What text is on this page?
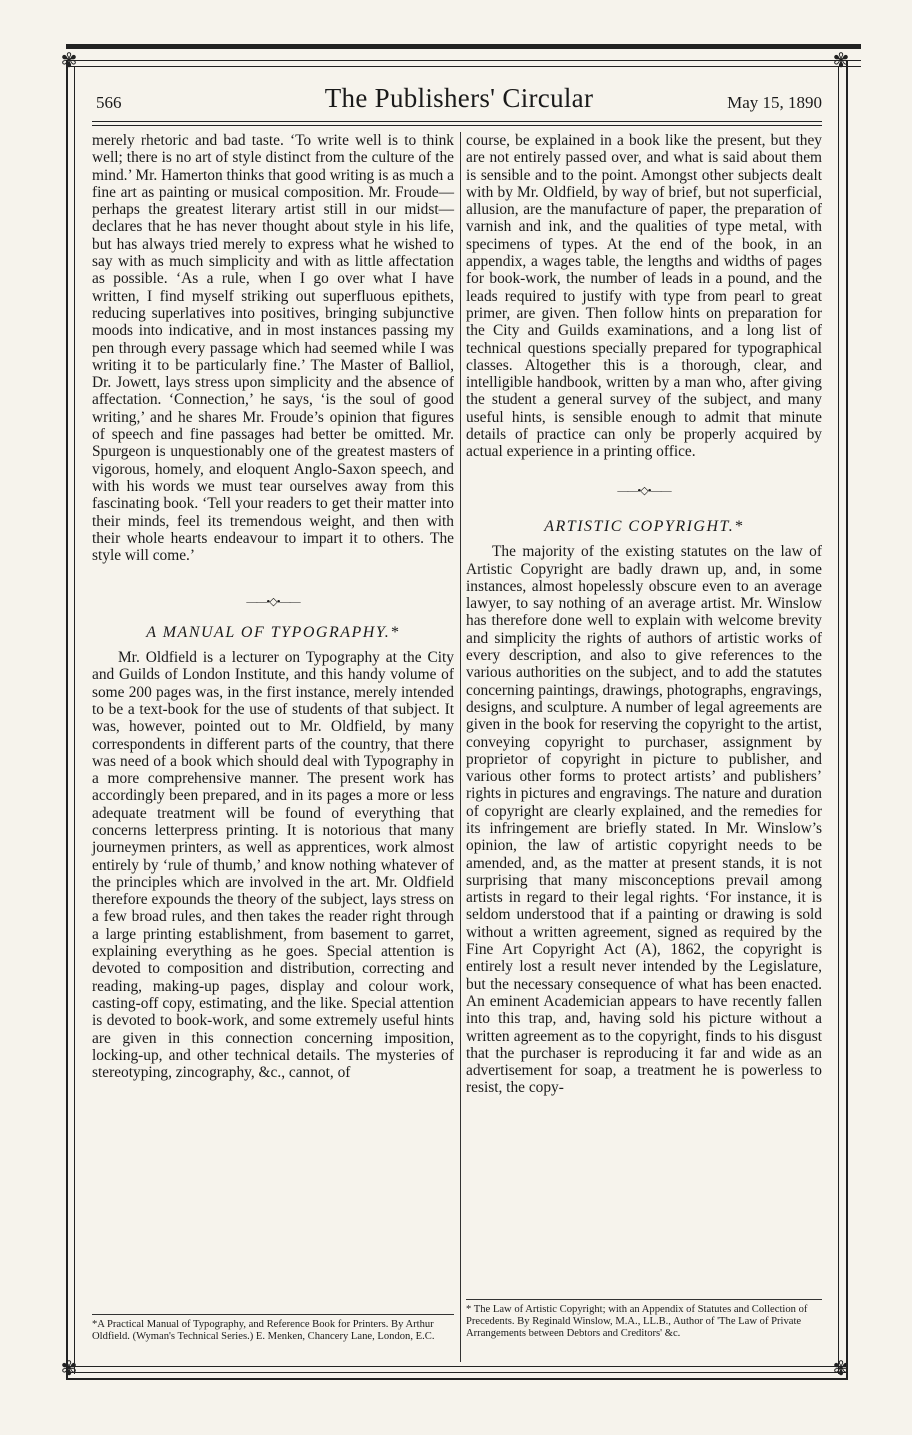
✾	✾
✾	✾
566	The Publishers' Circular	May 15, 1890

merely rhetoric and bad taste. ‘To write well is to think well; there is no art of style distinct from the culture of the mind.’ Mr. Hamerton thinks that good writing is as much a fine art as painting or musical composition. Mr. Froude—perhaps the greatest literary artist still in our midst—declares that he has never thought about style in his life, but has always tried merely to express what he wished to say with as much simplicity and with as little affectation as possible. ‘As a rule, when I go over what I have written, I find myself striking out superfluous epithets, reducing superlatives into positives, bringing subjunctive moods into indicative, and in most instances passing my pen through every passage which had seemed while I was writing it to be particularly fine.’ The Master of Balliol, Dr. Jowett, lays stress upon simplicity and the absence of affectation. ‘Connection,’ he says, ‘is the soul of good writing,’ and he shares Mr. Froude’s opinion that figures of speech and fine passages had better be omitted. Mr. Spurgeon is unquestionably one of the greatest masters of vigorous, homely, and eloquent Anglo-Saxon speech, and with his words we must tear ourselves away from this fascinating book. ‘Tell your readers to get their matter into their minds, feel its tremendous weight, and then with their whole hearts endeavour to impart it to others. The style will come.’

——•◇•——
A MANUAL OF TYPOGRAPHY.*

Mr. Oldfield is a lecturer on Typography at the City and Guilds of London Institute, and this handy volume of some 200 pages was, in the first instance, merely intended to be a text-book for the use of students of that subject. It was, however, pointed out to Mr. Oldfield, by many correspondents in different parts of the country, that there was need of a book which should deal with Typography in a more comprehensive manner. The present work has accordingly been prepared, and in its pages a more or less adequate treatment will be found of everything that concerns letterpress printing. It is notorious that many journeymen printers, as well as apprentices, work almost entirely by ‘rule of thumb,’ and know nothing whatever of the principles which are involved in the art. Mr. Oldfield therefore expounds the theory of the subject, lays stress on a few broad rules, and then takes the reader right through a large printing establishment, from basement to garret, explaining everything as he goes. Special attention is devoted to composition and distribution, correcting and reading, making-up pages, display and colour work, casting-off copy, estimating, and the like. Special attention is devoted to book-work, and some extremely useful hints are given in this connection concerning imposition, locking-up, and other technical details. The mysteries of stereotyping, zincography, &c., cannot, of

*A Practical Manual of Typography, and Reference Book for Printers. By Arthur Oldfield. (Wyman's Technical Series.) E. Menken, Chancery Lane, London, E.C.

course, be explained in a book like the present, but they are not entirely passed over, and what is said about them is sensible and to the point. Amongst other subjects dealt with by Mr. Oldfield, by way of brief, but not superficial, allusion, are the manufacture of paper, the preparation of varnish and ink, and the qualities of type metal, with specimens of types. At the end of the book, in an appendix, a wages table, the lengths and widths of pages for book-work, the number of leads in a pound, and the leads required to justify with type from pearl to great primer, are given. Then follow hints on preparation for the City and Guilds examinations, and a long list of technical questions specially prepared for typographical classes. Altogether this is a thorough, clear, and intelligible handbook, written by a man who, after giving the student a general survey of the subject, and many useful hints, is sensible enough to admit that minute details of practice can only be properly acquired by actual experience in a printing office.

——•◇•——
ARTISTIC COPYRIGHT.*

The majority of the existing statutes on the law of Artistic Copyright are badly drawn up, and, in some instances, almost hopelessly obscure even to an average lawyer, to say nothing of an average artist. Mr. Winslow has therefore done well to explain with welcome brevity and simplicity the rights of authors of artistic works of every description, and also to give references to the various authorities on the subject, and to add the statutes concerning paintings, drawings, photographs, engravings, designs, and sculpture. A number of legal agreements are given in the book for reserving the copyright to the artist, conveying copyright to purchaser, assignment by proprietor of copyright in picture to publisher, and various other forms to protect artists’ and publishers’ rights in pictures and engravings. The nature and duration of copyright are clearly explained, and the remedies for its infringement are briefly stated. In Mr. Winslow’s opinion, the law of artistic copyright needs to be amended, and, as the matter at present stands, it is not surprising that many misconceptions prevail among artists in regard to their legal rights. ‘For instance, it is seldom understood that if a painting or drawing is sold without a written agreement, signed as required by the Fine Art Copyright Act (A), 1862, the copyright is entirely lost a result never intended by the Legislature, but the necessary consequence of what has been enacted. An eminent Academician appears to have recently fallen into this trap, and, having sold his picture without a written agreement as to the copyright, finds to his disgust that the purchaser is reproducing it far and wide as an advertisement for soap, a treatment he is powerless to resist, the copy-

* The Law of Artistic Copyright; with an Appendix of Statutes and Collection of Precedents. By Reginald Winslow, M.A., LL.B., Author of 'The Law of Private Arrangements between Debtors and Creditors' &c.
